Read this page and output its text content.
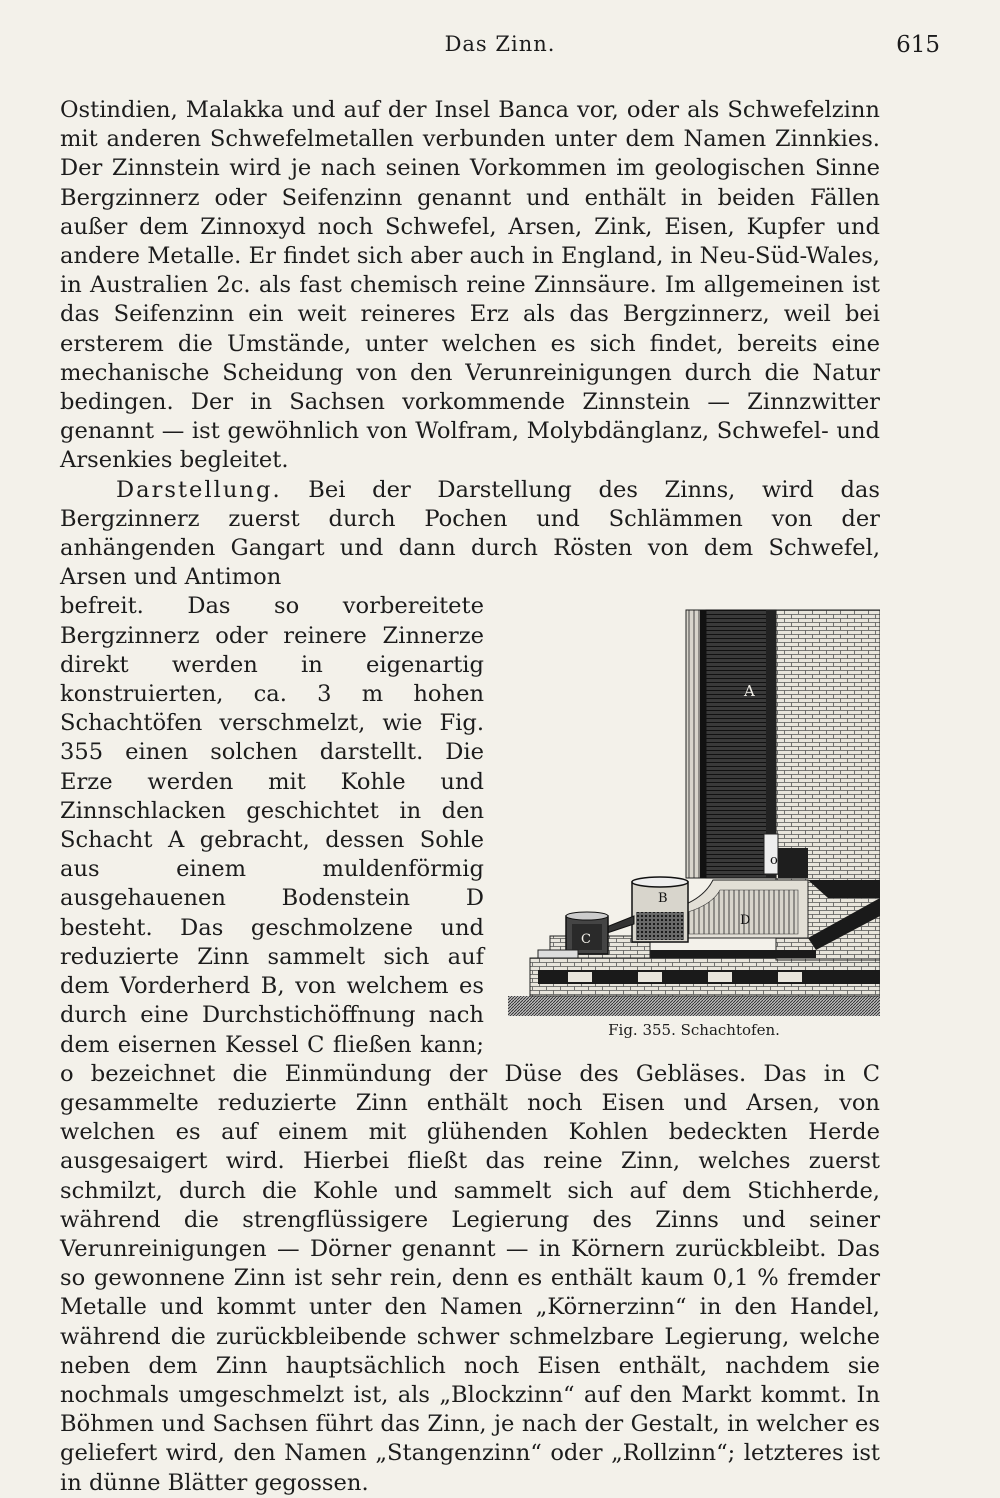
Das Zinn.	615

Ostindien, Malakka und auf der Insel Banca vor, oder als Schwefelzinn mit anderen Schwefelmetallen verbunden unter dem Namen Zinnkies. Der Zinnstein wird je nach seinen Vorkommen im geologischen Sinne Bergzinnerz oder Seifenzinn genannt und enthält in beiden Fällen außer dem Zinnoxyd noch Schwefel, Arsen, Zink, Eisen, Kupfer und andere Metalle. Er findet sich aber auch in England, in Neu-Süd-Wales, in Australien 2c. als fast chemisch reine Zinnsäure. Im allgemeinen ist das Seifenzinn ein weit reineres Erz als das Bergzinnerz, weil bei ersterem die Umstände, unter welchen es sich findet, bereits eine mechanische Scheidung von den Verunreinigungen durch die Natur bedingen. Der in Sachsen vorkommende Zinnstein — Zinnzwitter genannt — ist gewöhnlich von Wolfram, Molybdänglanz, Schwefel- und Arsenkies begleitet.

Darstellung. Bei der Darstellung des Zinns, wird das Bergzinnerz zuerst durch Pochen und Schlämmen von der anhängenden Gangart und dann durch Rösten von dem Schwefel, Arsen und Antimon

A
o
D
B
C
Fig. 355. Schachtofen.

befreit. Das so vorbereitete Bergzinnerz oder reinere Zinnerze direkt werden in eigenartig konstruierten, ca. 3 m hohen Schachtöfen verschmelzt, wie Fig. 355 einen solchen darstellt. Die Erze werden mit Kohle und Zinnschlacken geschichtet in den Schacht A gebracht, dessen Sohle aus einem muldenförmig ausgehauenen Bodenstein D besteht. Das geschmolzene und reduzierte Zinn sammelt sich auf dem Vorderherd B, von welchem es durch eine Durchstichöffnung nach dem eisernen Kessel C fließen kann; o bezeichnet die Einmündung der Düse des Gebläses. Das in C gesammelte reduzierte Zinn enthält noch Eisen und Arsen, von welchen es auf einem mit glühenden Kohlen bedeckten Herde ausgesaigert wird. Hierbei fließt das reine Zinn, welches zuerst schmilzt, durch die Kohle und sammelt sich auf dem Stichherde, während die strengflüssigere Legierung des Zinns und seiner Verunreinigungen — Dörner genannt — in Körnern zurückbleibt. Das so gewonnene Zinn ist sehr rein, denn es enthält kaum 0,1 % fremder Metalle und kommt unter den Namen „Körnerzinn“ in den Handel, während die zurückbleibende schwer schmelzbare Legierung, welche neben dem Zinn hauptsächlich noch Eisen enthält, nachdem sie nochmals umgeschmelzt ist, als „Blockzinn“ auf den Markt kommt. In Böhmen und Sachsen führt das Zinn, je nach der Gestalt, in welcher es geliefert wird, den Namen „Stangenzinn“ oder „Rollzinn“; letzteres ist in dünne Blätter gegossen.
